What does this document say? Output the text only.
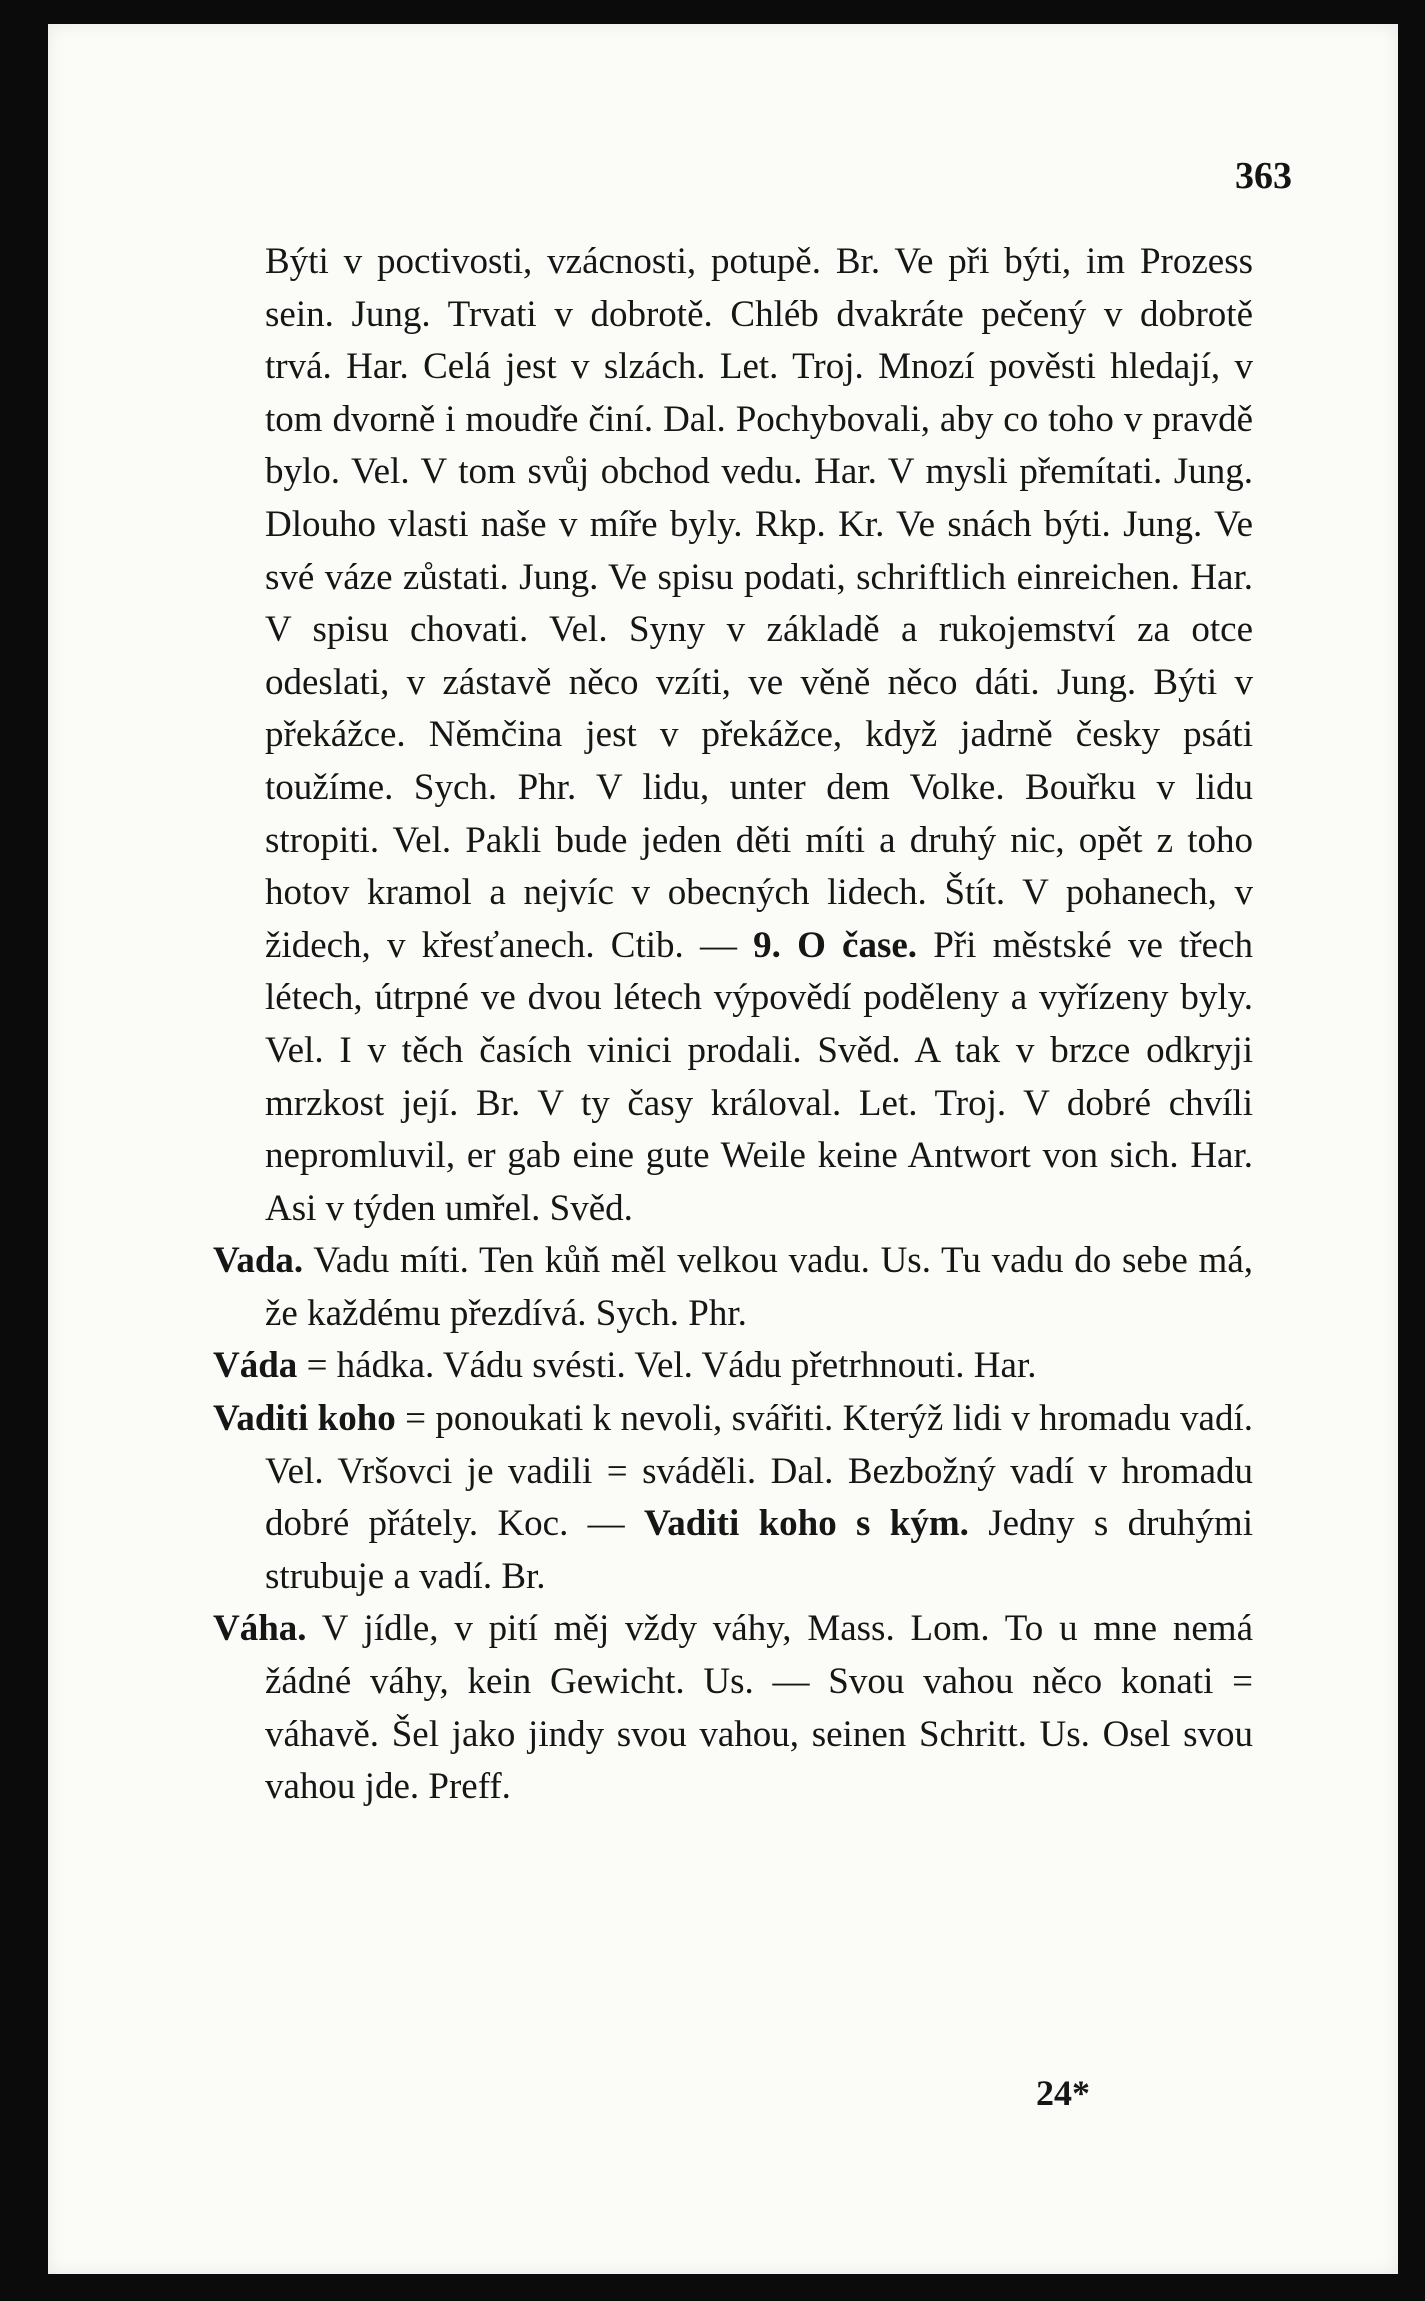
363

Býti v poctivosti, vzácnosti, potupě. Br. Ve při býti, im Prozess sein. Jung. Trvati v dobrotě. Chléb dvakráte pečený v dobrotě trvá. Har. Celá jest v slzách. Let. Troj. Mnozí pověsti hledají, v tom dvorně i moudře činí. Dal. Pochybovali, aby co toho v pravdě bylo. Vel. V tom svůj obchod vedu. Har. V mysli přemítati. Jung. Dlouho vlasti naše v míře byly. Rkp. Kr. Ve snách býti. Jung. Ve své váze zůstati. Jung. Ve spisu podati, schriftlich einreichen. Har. V spisu chovati. Vel. Syny v základě a rukojemství za otce odeslati, v zástavě něco vzíti, ve věně něco dáti. Jung. Býti v překážce. Němčina jest v překážce, když jadrně česky psáti toužíme. Sych. Phr. V lidu, unter dem Volke. Bouřku v lidu stropiti. Vel. Pakli bude jeden děti míti a druhý nic, opět z toho hotov kramol a nejvíc v obecných lidech. Štít. V pohanech, v židech, v křesťanech. Ctib. — 9. O čase. Při městské ve třech létech, útrpné ve dvou létech výpovědí poděleny a vyřízeny byly. Vel. I v těch časích vinici prodali. Svěd. A tak v brzce odkryji mrzkost její. Br. V ty časy královal. Let. Troj. V dobré chvíli nepromluvil, er gab eine gute Weile keine Antwort von sich. Har. Asi v týden umřel. Svěd.

Vada. Vadu míti. Ten kůň měl velkou vadu. Us. Tu vadu do sebe má, že každému přezdívá. Sych. Phr.

Váda = hádka. Vádu svésti. Vel. Vádu přetrhnouti. Har.

Vaditi koho = ponoukati k nevoli, svářiti. Kterýž lidi v hromadu vadí. Vel. Vršovci je vadili = sváděli. Dal. Bezbožný vadí v hromadu dobré přátely. Koc. — Vaditi koho s kým. Jedny s druhými strubuje a vadí. Br.

Váha. V jídle, v pití měj vždy váhy, Mass. Lom. To u mne nemá žádné váhy, kein Gewicht. Us. — Svou vahou něco konati = váhavě. Šel jako jindy svou vahou, seinen Schritt. Us. Osel svou vahou jde. Preff.

24*
